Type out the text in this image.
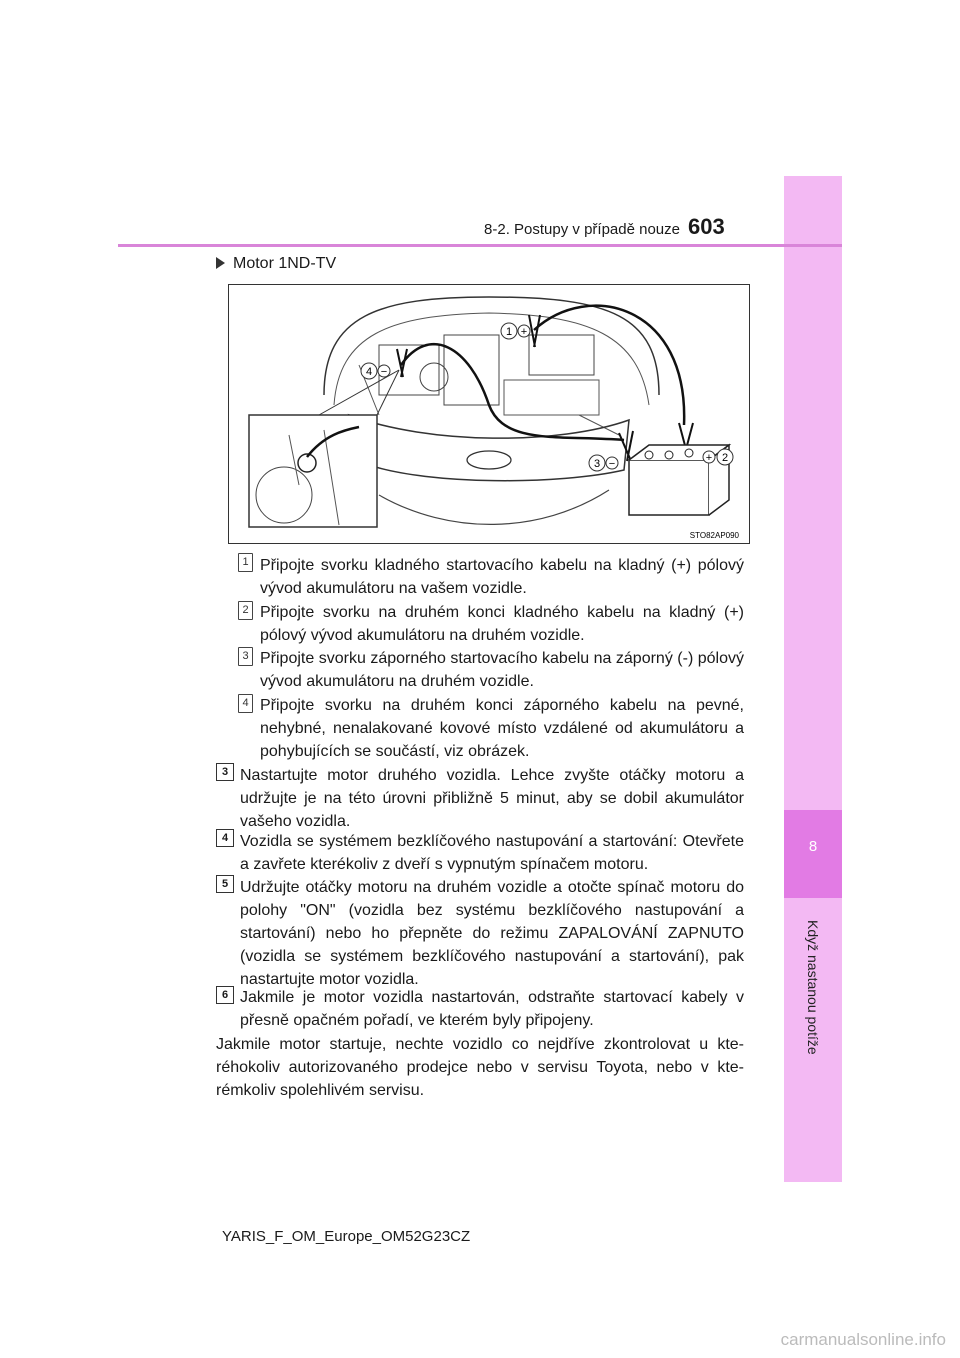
8
Když nastanou potíže
8-2. Postupy v případě nouze 603
Motor 1ND-TV
1 +
4 −
+ 2
3 −
STO82AP090
1 Připojte svorku kladného startovacího kabelu na kladný (+) pólový vývod akumulátoru na vašem vozidle.
2 Připojte svorku na druhém konci kladného kabelu na kladný (+) pólový vývod akumulátoru na druhém vozidle.
3 Připojte svorku záporného startovacího kabelu na záporný (-) pólový vývod akumulátoru na druhém vozidle.
4 Připojte svorku na druhém konci záporného kabelu na pevné, nehybné, nenalakované kovové místo vzdálené od akumulátoru a pohybujících se součástí, viz obrázek.
3 Nastartujte motor druhého vozidla. Lehce zvyšte otáčky motoru a udržujte je na této úrovni přibližně 5 minut, aby se dobil akumulátor vašeho vozidla.
4 Vozidla se systémem bezklíčového nastupování a startování: Otevřete a zavřete kterékoliv z dveří s vypnutým spínačem motoru.
5 Udržujte otáčky motoru na druhém vozidle a otočte spínač motoru do polohy "ON" (vozidla bez systému bezklíčového nastupování a startování) nebo ho přepněte do režimu ZAPALOVÁNÍ ZAPNUTO (vozidla se systémem bezklíčového nastupování a startování), pak nastartujte motor vozidla.
6 Jakmile je motor vozidla nastartován, odstraňte startovací kabely v přesně opačném pořadí, ve kterém byly připojeny.
Jakmile motor startuje, nechte vozidlo co nejdříve zkontrolovat u kteréhokoliv autorizovaného prodejce nebo v servisu Toyota, nebo v kterémkoliv spolehlivém servisu.
YARIS_F_OM_Europe_OM52G23CZ
carmanualsonline.info
